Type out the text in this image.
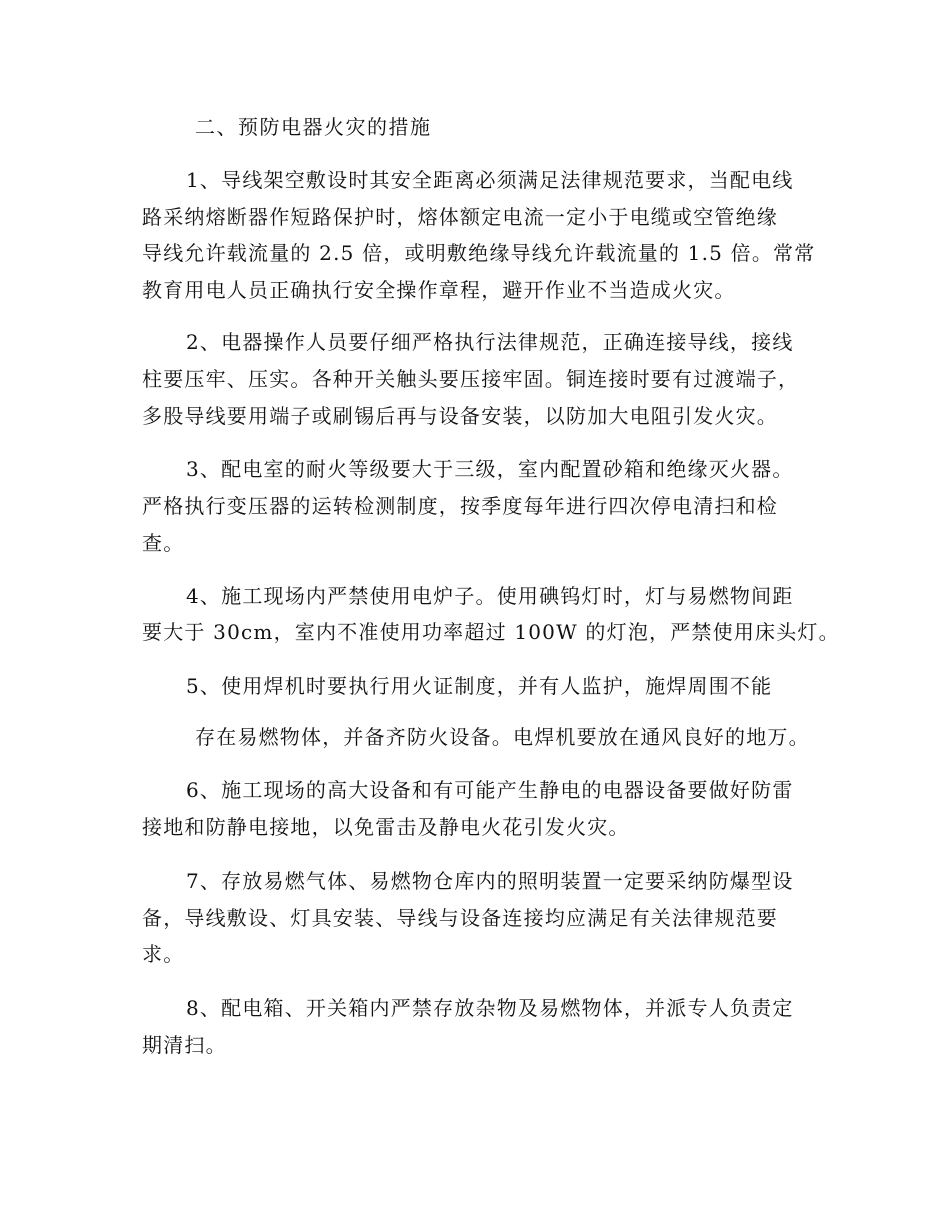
二、预防电器火灾的措施
1、导线架空敷设时其安全距离必须满足法律规范要求，当配电线
路采纳熔断器作短路保护时，熔体额定电流一定小于电缆或空管绝缘
导线允许载流量的 2.5 倍，或明敷绝缘导线允许载流量的 1.5 倍。常常
教育用电人员正确执行安全操作章程，避开作业不当造成火灾。
2、电器操作人员要仔细严格执行法律规范，正确连接导线，接线
柱要压牢、压实。各种开关触头要压接牢固。铜连接时要有过渡端子，
多股导线要用端子或刷锡后再与设备安装，以防加大电阻引发火灾。
3、配电室的耐火等级要大于三级，室内配置砂箱和绝缘灭火器。
严格执行变压器的运转检测制度，按季度每年进行四次停电清扫和检
查。
4、施工现场内严禁使用电炉子。使用碘钨灯时，灯与易燃物间距
要大于 30cm，室内不准使用功率超过 100W 的灯泡，严禁使用床头灯。
5、使用焊机时要执行用火证制度，并有人监护，施焊周围不能
存在易燃物体，并备齐防火设备。电焊机要放在通风良好的地万。
6、施工现场的高大设备和有可能产生静电的电器设备要做好防雷
接地和防静电接地，以免雷击及静电火花引发火灾。
7、存放易燃气体、易燃物仓库内的照明装置一定要采纳防爆型设
备，导线敷设、灯具安装、导线与设备连接均应满足有关法律规范要
求。
8、配电箱、开关箱内严禁存放杂物及易燃物体，并派专人负责定
期清扫。
